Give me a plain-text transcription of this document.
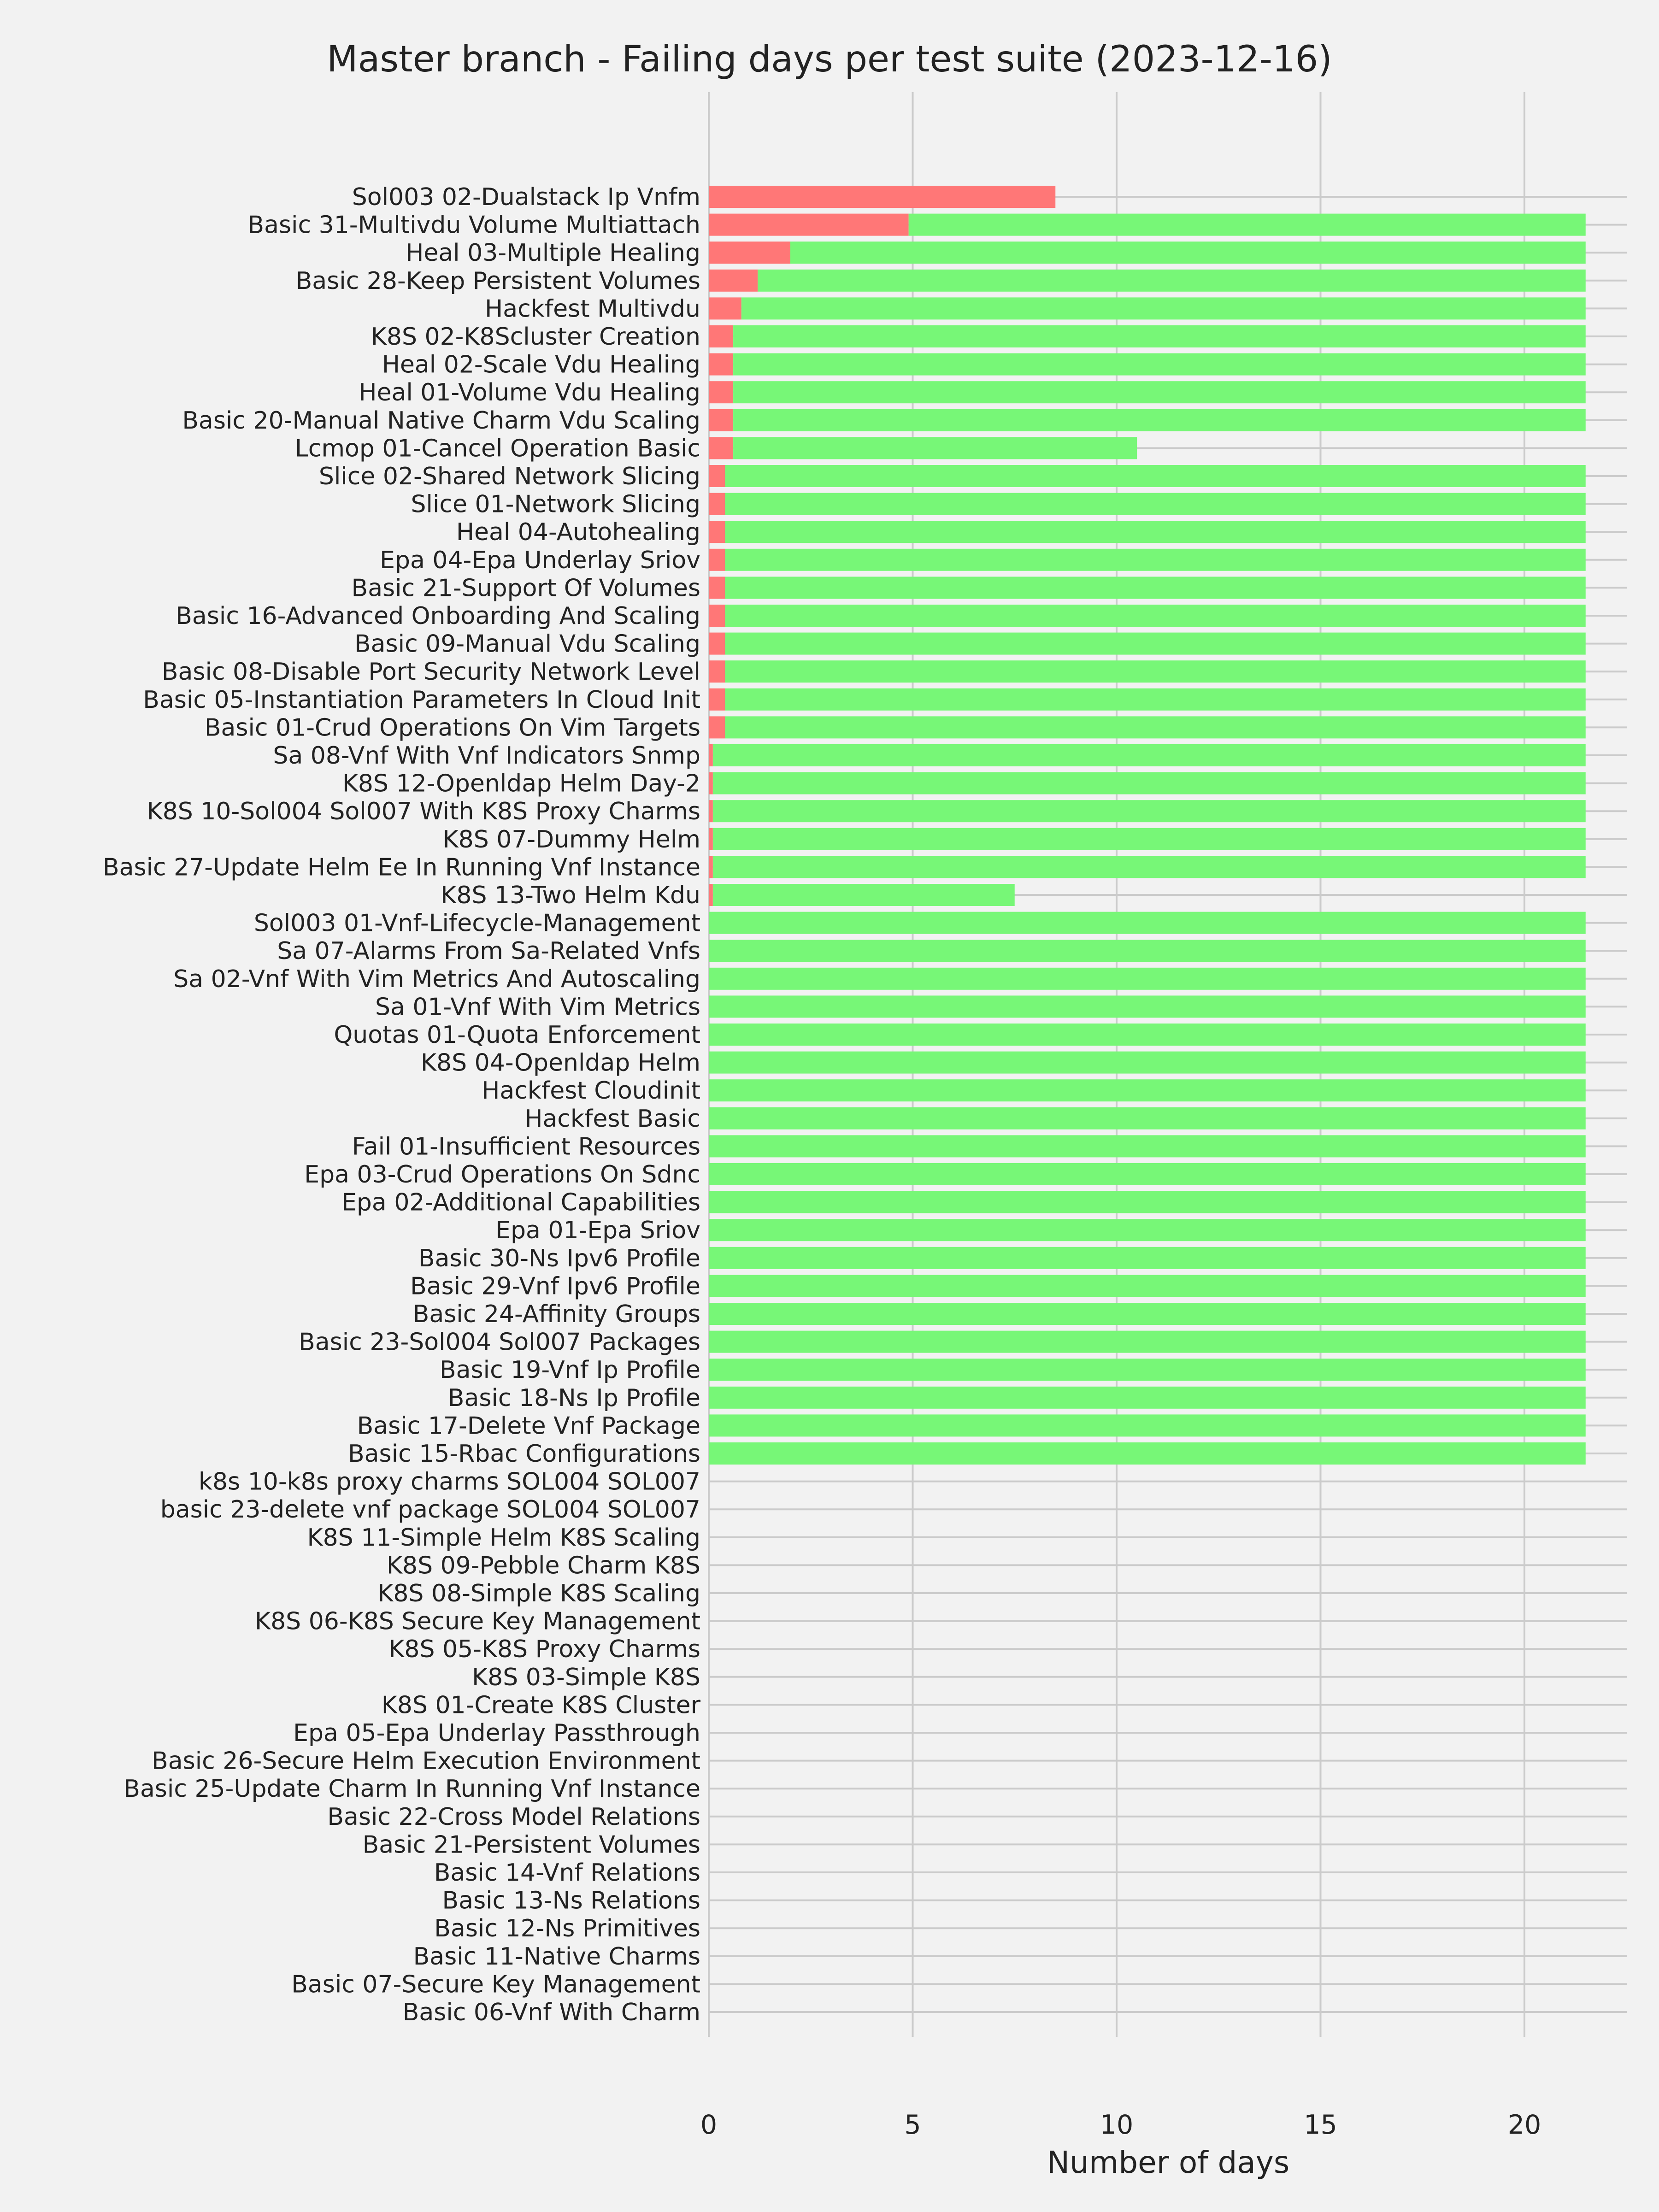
Master branch - Failing days per test suite (2023-12-16)
Sol003 02-Dualstack Ip Vnfm
Basic 31-Multivdu Volume Multiattach
Heal 03-Multiple Healing
Basic 28-Keep Persistent Volumes
Hackfest Multivdu
K8S 02-K8Scluster Creation
Heal 02-Scale Vdu Healing
Heal 01-Volume Vdu Healing
Basic 20-Manual Native Charm Vdu Scaling
Lcmop 01-Cancel Operation Basic
Slice 02-Shared Network Slicing
Slice 01-Network Slicing
Heal 04-Autohealing
Epa 04-Epa Underlay Sriov
Basic 21-Support Of Volumes
Basic 16-Advanced Onboarding And Scaling
Basic 09-Manual Vdu Scaling
Basic 08-Disable Port Security Network Level
Basic 05-Instantiation Parameters In Cloud Init
Basic 01-Crud Operations On Vim Targets
Sa 08-Vnf With Vnf Indicators Snmp
K8S 12-Openldap Helm Day-2
K8S 10-Sol004 Sol007 With K8S Proxy Charms
K8S 07-Dummy Helm
Basic 27-Update Helm Ee In Running Vnf Instance
K8S 13-Two Helm Kdu
Sol003 01-Vnf-Lifecycle-Management
Sa 07-Alarms From Sa-Related Vnfs
Sa 02-Vnf With Vim Metrics And Autoscaling
Sa 01-Vnf With Vim Metrics
Quotas 01-Quota Enforcement
K8S 04-Openldap Helm
Hackfest Cloudinit
Hackfest Basic
Fail 01-Insufficient Resources
Epa 03-Crud Operations On Sdnc
Epa 02-Additional Capabilities
Epa 01-Epa Sriov
Basic 30-Ns Ipv6 Profile
Basic 29-Vnf Ipv6 Profile
Basic 24-Affinity Groups
Basic 23-Sol004 Sol007 Packages
Basic 19-Vnf Ip Profile
Basic 18-Ns Ip Profile
Basic 17-Delete Vnf Package
Basic 15-Rbac Configurations
k8s 10-k8s proxy charms SOL004 SOL007
basic 23-delete vnf package SOL004 SOL007
K8S 11-Simple Helm K8S Scaling
K8S 09-Pebble Charm K8S
K8S 08-Simple K8S Scaling
K8S 06-K8S Secure Key Management
K8S 05-K8S Proxy Charms
K8S 03-Simple K8S
K8S 01-Create K8S Cluster
Epa 05-Epa Underlay Passthrough
Basic 26-Secure Helm Execution Environment
Basic 25-Update Charm In Running Vnf Instance
Basic 22-Cross Model Relations
Basic 21-Persistent Volumes
Basic 14-Vnf Relations
Basic 13-Ns Relations
Basic 12-Ns Primitives
Basic 11-Native Charms
Basic 07-Secure Key Management
Basic 06-Vnf With Charm
0	5	10	15	20
Number of days
